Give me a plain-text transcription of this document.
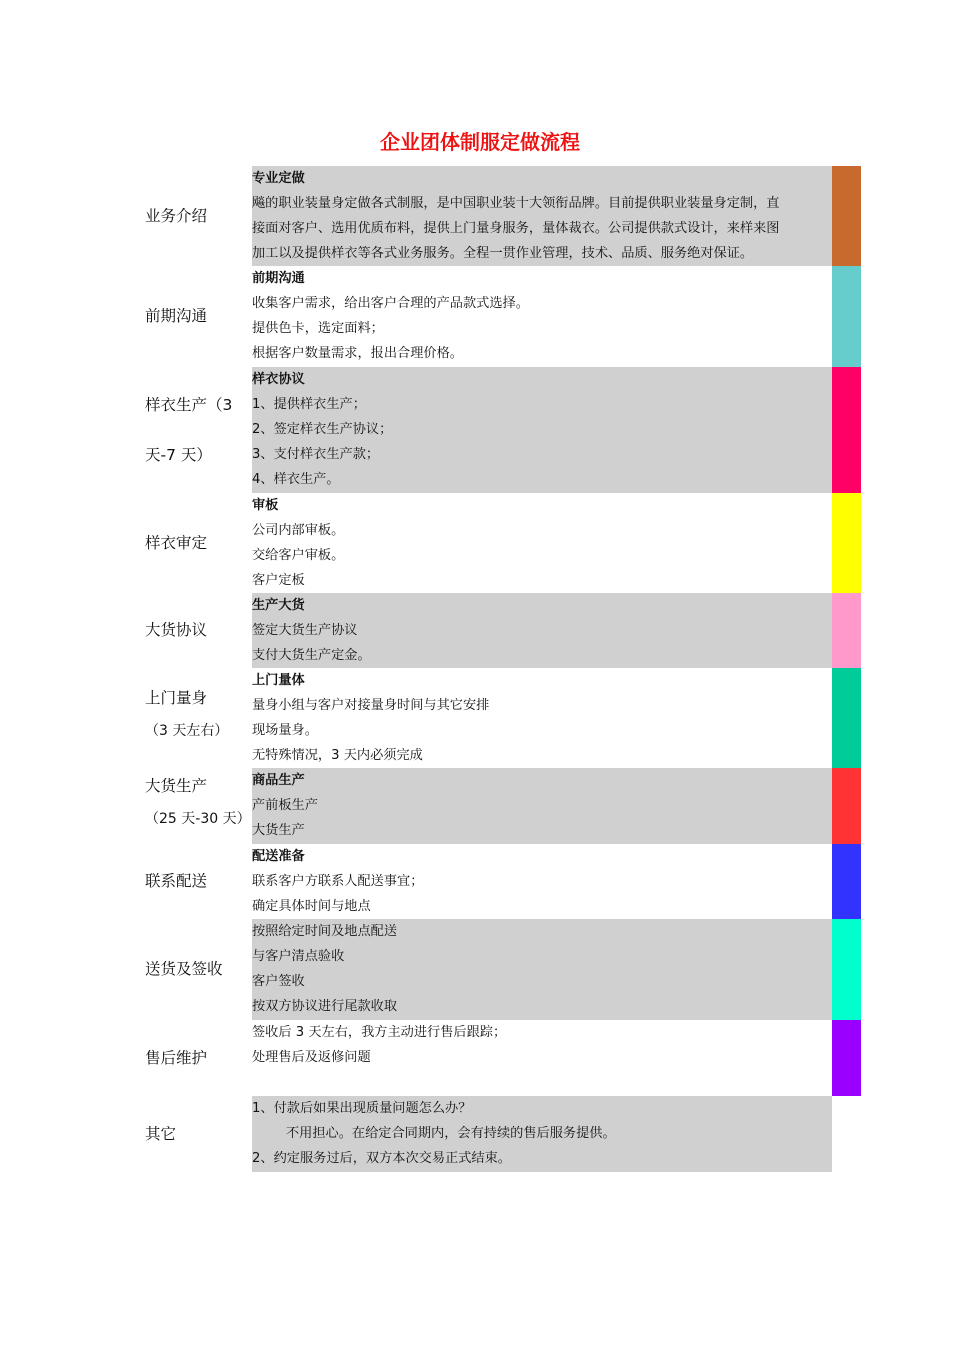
企业团体制服定做流程
业务介绍
专业定做
飚的职业装量身定做各式制服，是中国职业装十大领衔品牌。目前提供职业装量身定制，直
接面对客户、选用优质布料，提供上门量身服务，量体裁衣。公司提供款式设计，来样来图
加工以及提供样衣等各式业务服务。全程一贯作业管理，技术、品质、服务绝对保证。
前期沟通
前期沟通
收集客户需求，给出客户合理的产品款式选择。
提供色卡，选定面料；
根据客户数量需求，报出合理价格。
样衣生产（3
天-7 天）
样衣协议
1、提供样衣生产；
2、签定样衣生产协议；
3、支付样衣生产款；
4、样衣生产。
样衣审定
审板
公司内部审板。
交给客户审板。
客户定板
大货协议
生产大货
签定大货生产协议
支付大货生产定金。
上门量身
（3 天左右）
上门量体
量身小组与客户对接量身时间与其它安排
现场量身。
无特殊情况，3 天内必须完成
大货生产
（25 天-30 天）
商品生产
产前板生产
大货生产
联系配送
配送准备
联系客户方联系人配送事宜；
确定具体时间与地点
送货及签收
按照给定时间及地点配送
与客户清点验收
客户签收
按双方协议进行尾款收取
售后维护
签收后 3 天左右，我方主动进行售后跟踪；
处理售后及返修问题
其它
1、付款后如果出现质量问题怎么办？
不用担心。在给定合同期内，会有持续的售后服务提供。
2、约定服务过后，双方本次交易正式结束。
